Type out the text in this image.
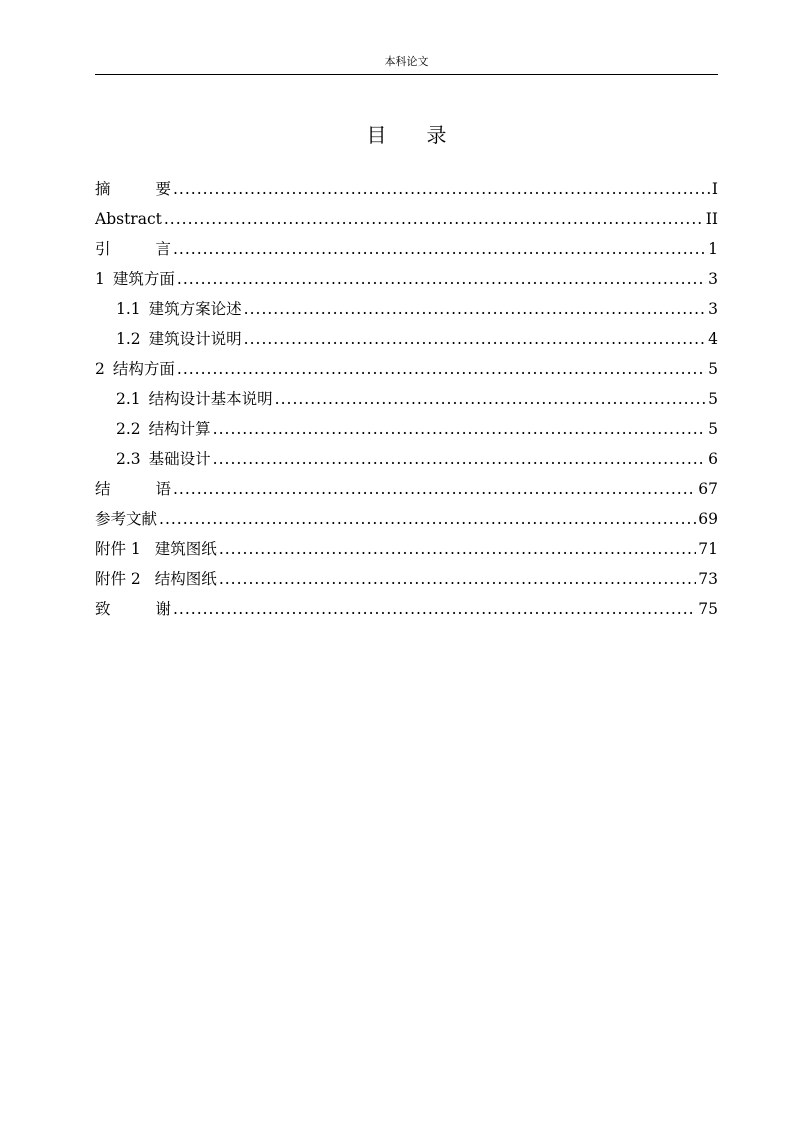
本科论文
目 录
摘	要 .....	I
Abstract .....	II
引	言 .....	1
1 建筑方面 .....	3
1.1 建筑方案论述 .....	3
1.2 建筑设计说明 .....	4
2 结构方面 .....	5
2.1 结构设计基本说明 .....	5
2.2 结构计算 .....	5
2.3 基础设计 .....	6
结	语 .....	67
参考文献 .....	69
附件 1 建筑图纸 .....	71
附件 2 结构图纸 .....	73
致	谢 .....	75
